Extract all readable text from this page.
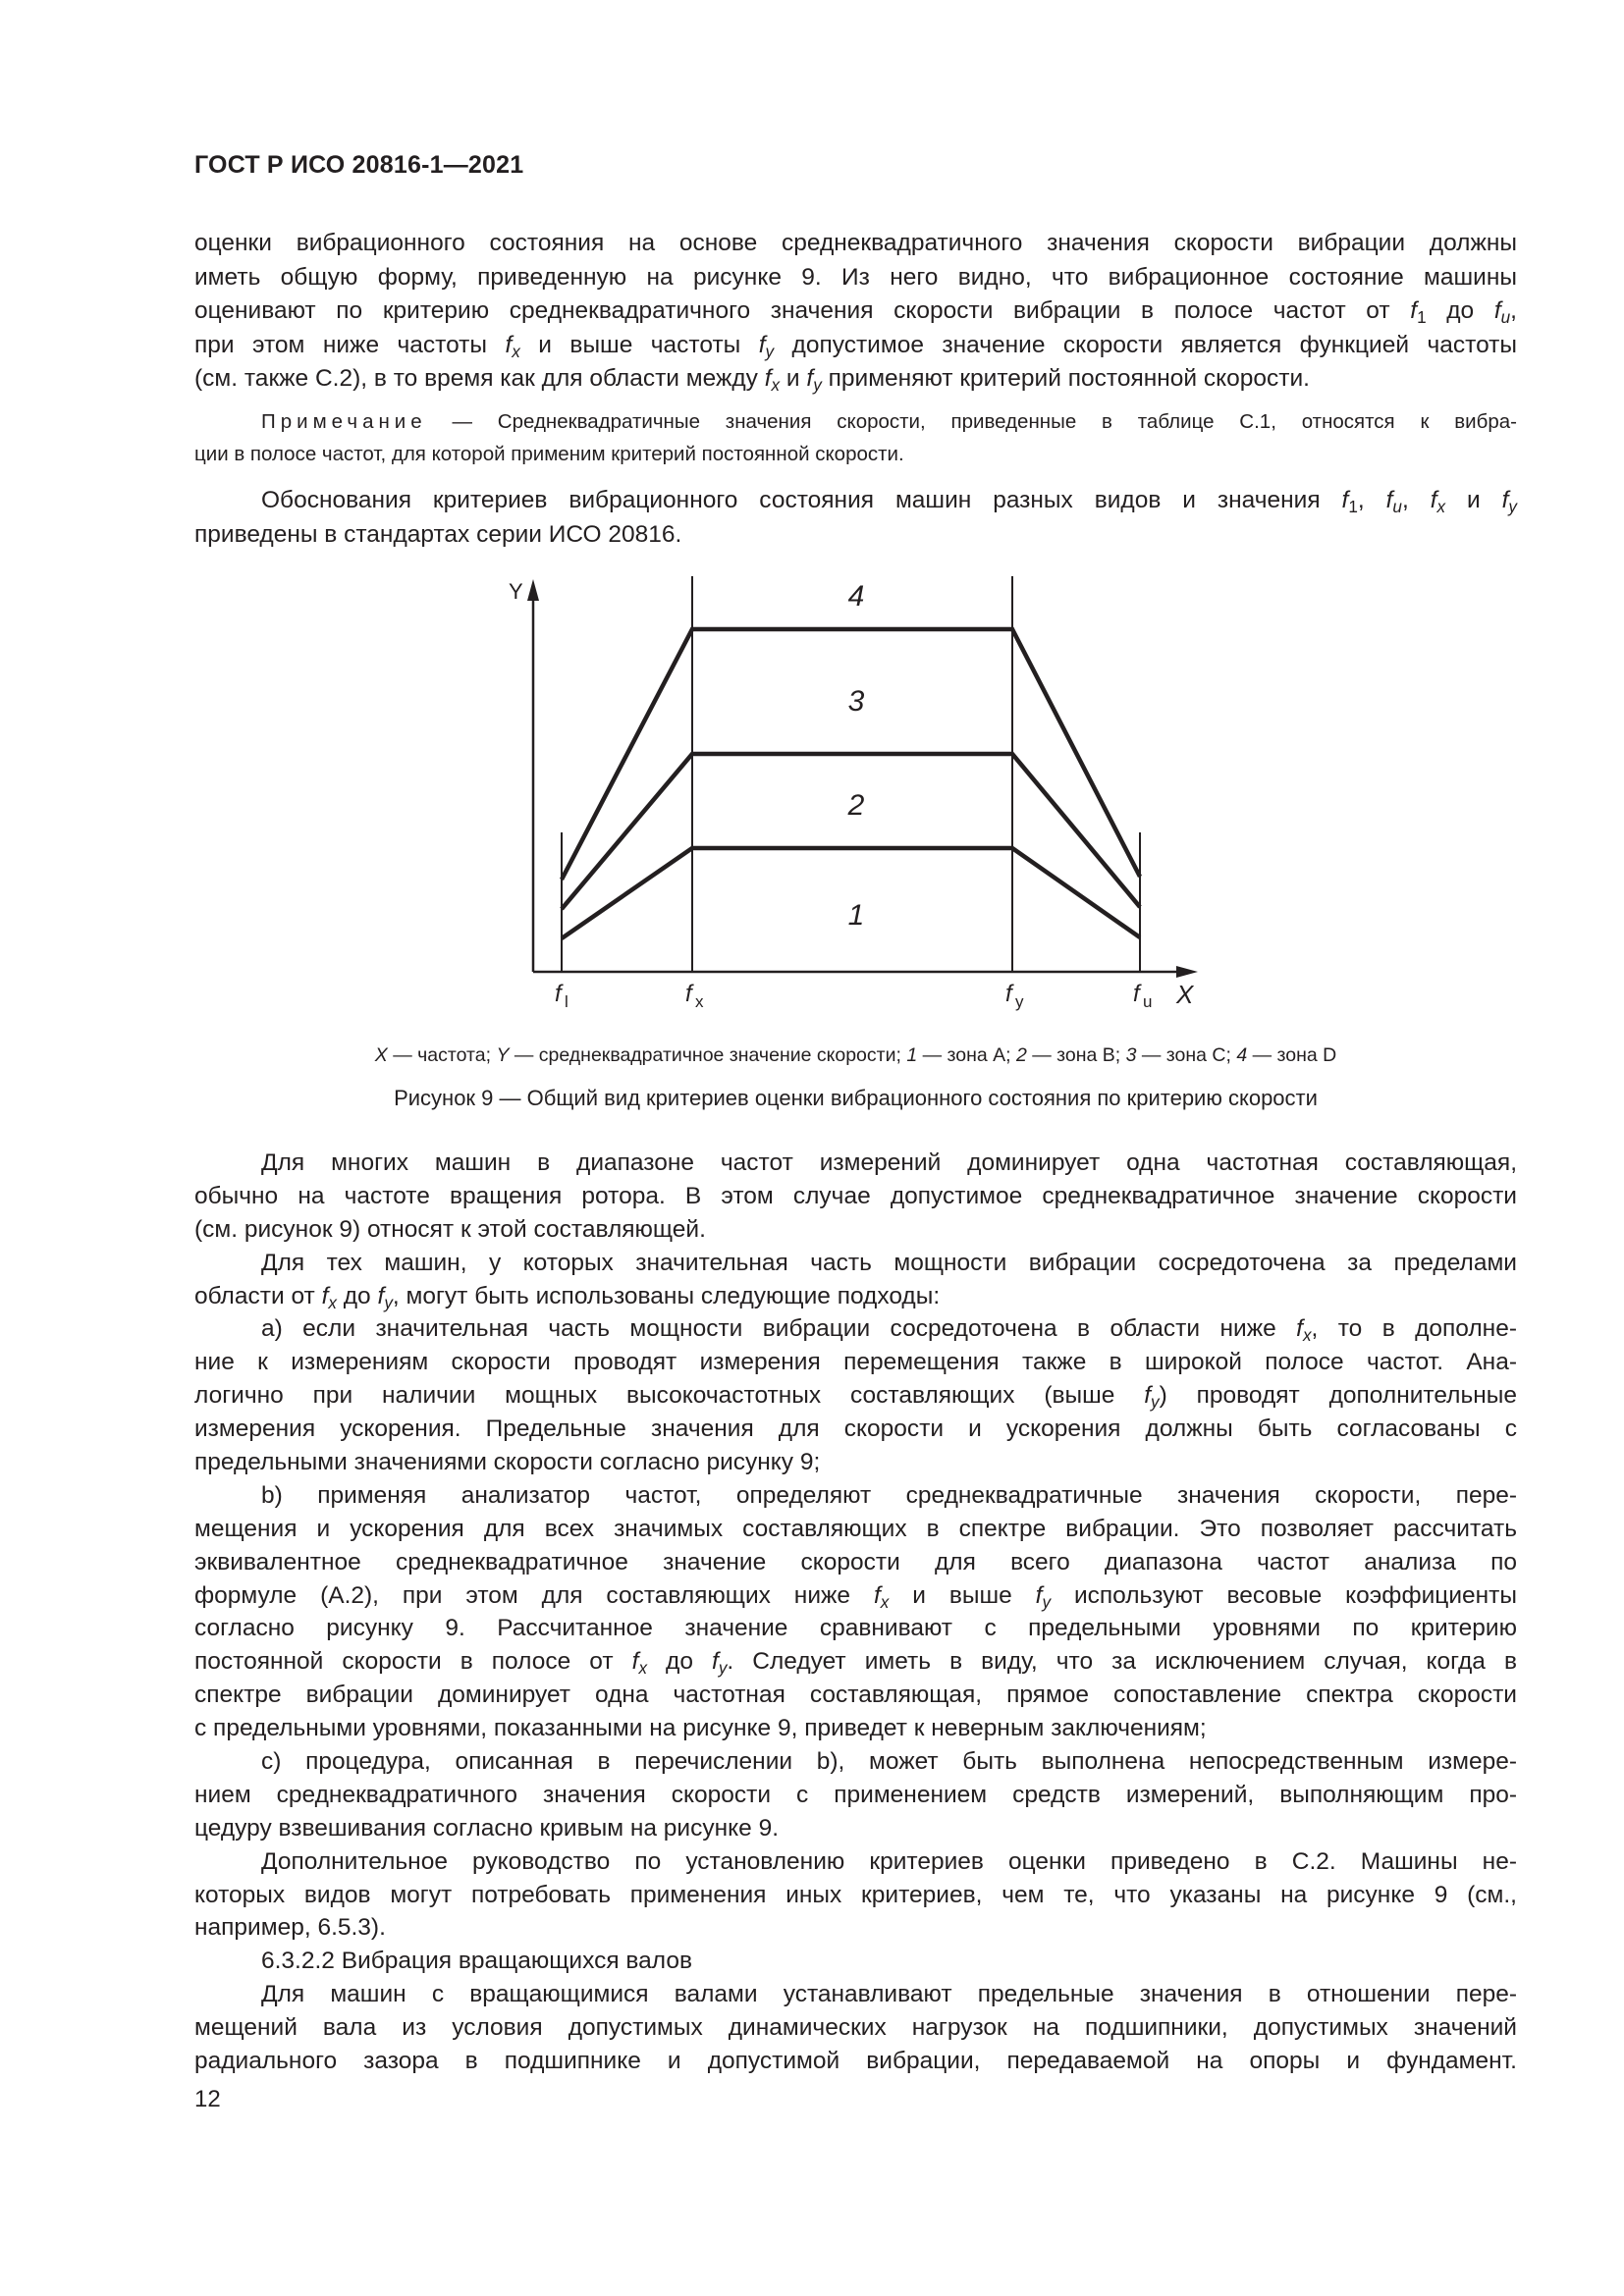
ГОСТ Р ИСО 20816-1—2021
оценки вибрационного состояния на основе среднеквадратичного значения скорости вибрации должны
иметь общую форму, приведенную на рисунке 9. Из него видно, что вибрационное состояние машины
оценивают по критерию среднеквадратичного значения скорости вибрации в полосе частот от $f_1$ до $f_u$,
при этом ниже частоты $f_x$ и выше частоты $f_y$ допустимое значение скорости является функцией частоты
(см. также С.2), в то время как для области между $f_x$ и $f_y$ применяют критерий постоянной скорости.
Примечание — Среднеквадратичные значения скорости, приведенные в таблице С.1, относятся к вибра-
ции в полосе частот, для которой применим критерий постоянной скорости.
Обоснования критериев вибрационного состояния машин разных видов и значения $f_1$, $f_u$, $f_x$ и $f_y$
приведены в стандартах серии ИСО 20816.
Y
X
1
2
3
4
f l	f x	f y	f u
X — частота; Y — среднеквадратичное значение скорости; 1 — зона A; 2 — зона B; 3 — зона C; 4 — зона D
Рисунок 9 — Общий вид критериев оценки вибрационного состояния по критерию скорости
Для многих машин в диапазоне частот измерений доминирует одна частотная составляющая,
обычно на частоте вращения ротора. В этом случае допустимое среднеквадратичное значение скорости
(см. рисунок 9) относят к этой составляющей.
Для тех машин, у которых значительная часть мощности вибрации сосредоточена за пределами
области от $f_x$ до $f_y$, могут быть использованы следующие подходы:
a) если значительная часть мощности вибрации сосредоточена в области ниже $f_x$, то в дополне-
ние к измерениям скорости проводят измерения перемещения также в широкой полосе частот. Ана-
логично при наличии мощных высокочастотных составляющих (выше $f_y$) проводят дополнительные
измерения ускорения. Предельные значения для скорости и ускорения должны быть согласованы с
предельными значениями скорости согласно рисунку 9;
b) применяя анализатор частот, определяют среднеквадратичные значения скорости, пере-
мещения и ускорения для всех значимых составляющих в спектре вибрации. Это позволяет рассчитать
эквивалентное среднеквадратичное значение скорости для всего диапазона частот анализа по
формуле (А.2), при этом для составляющих ниже $f_x$ и выше $f_y$ используют весовые коэффициенты
согласно рисунку 9. Рассчитанное значение сравнивают с предельными уровнями по критерию
постоянной скорости в полосе от $f_x$ до $f_y$. Следует иметь в виду, что за исключением случая, когда в
спектре вибрации доминирует одна частотная составляющая, прямое сопоставление спектра скорости
с предельными уровнями, показанными на рисунке 9, приведет к неверным заключениям;
c) процедура, описанная в перечислении b), может быть выполнена непосредственным измере-
нием среднеквадратичного значения скорости с применением средств измерений, выполняющим про-
цедуру взвешивания согласно кривым на рисунке 9.
Дополнительное руководство по установлению критериев оценки приведено в С.2. Машины не-
которых видов могут потребовать применения иных критериев, чем те, что указаны на рисунке 9 (см.,
например, 6.5.3).
6.3.2.2 Вибрация вращающихся валов
Для машин с вращающимися валами устанавливают предельные значения в отношении пере-
мещений вала из условия допустимых динамических нагрузок на подшипники, допустимых значений
радиального зазора в подшипнике и допустимой вибрации, передаваемой на опоры и фундамент.
12
